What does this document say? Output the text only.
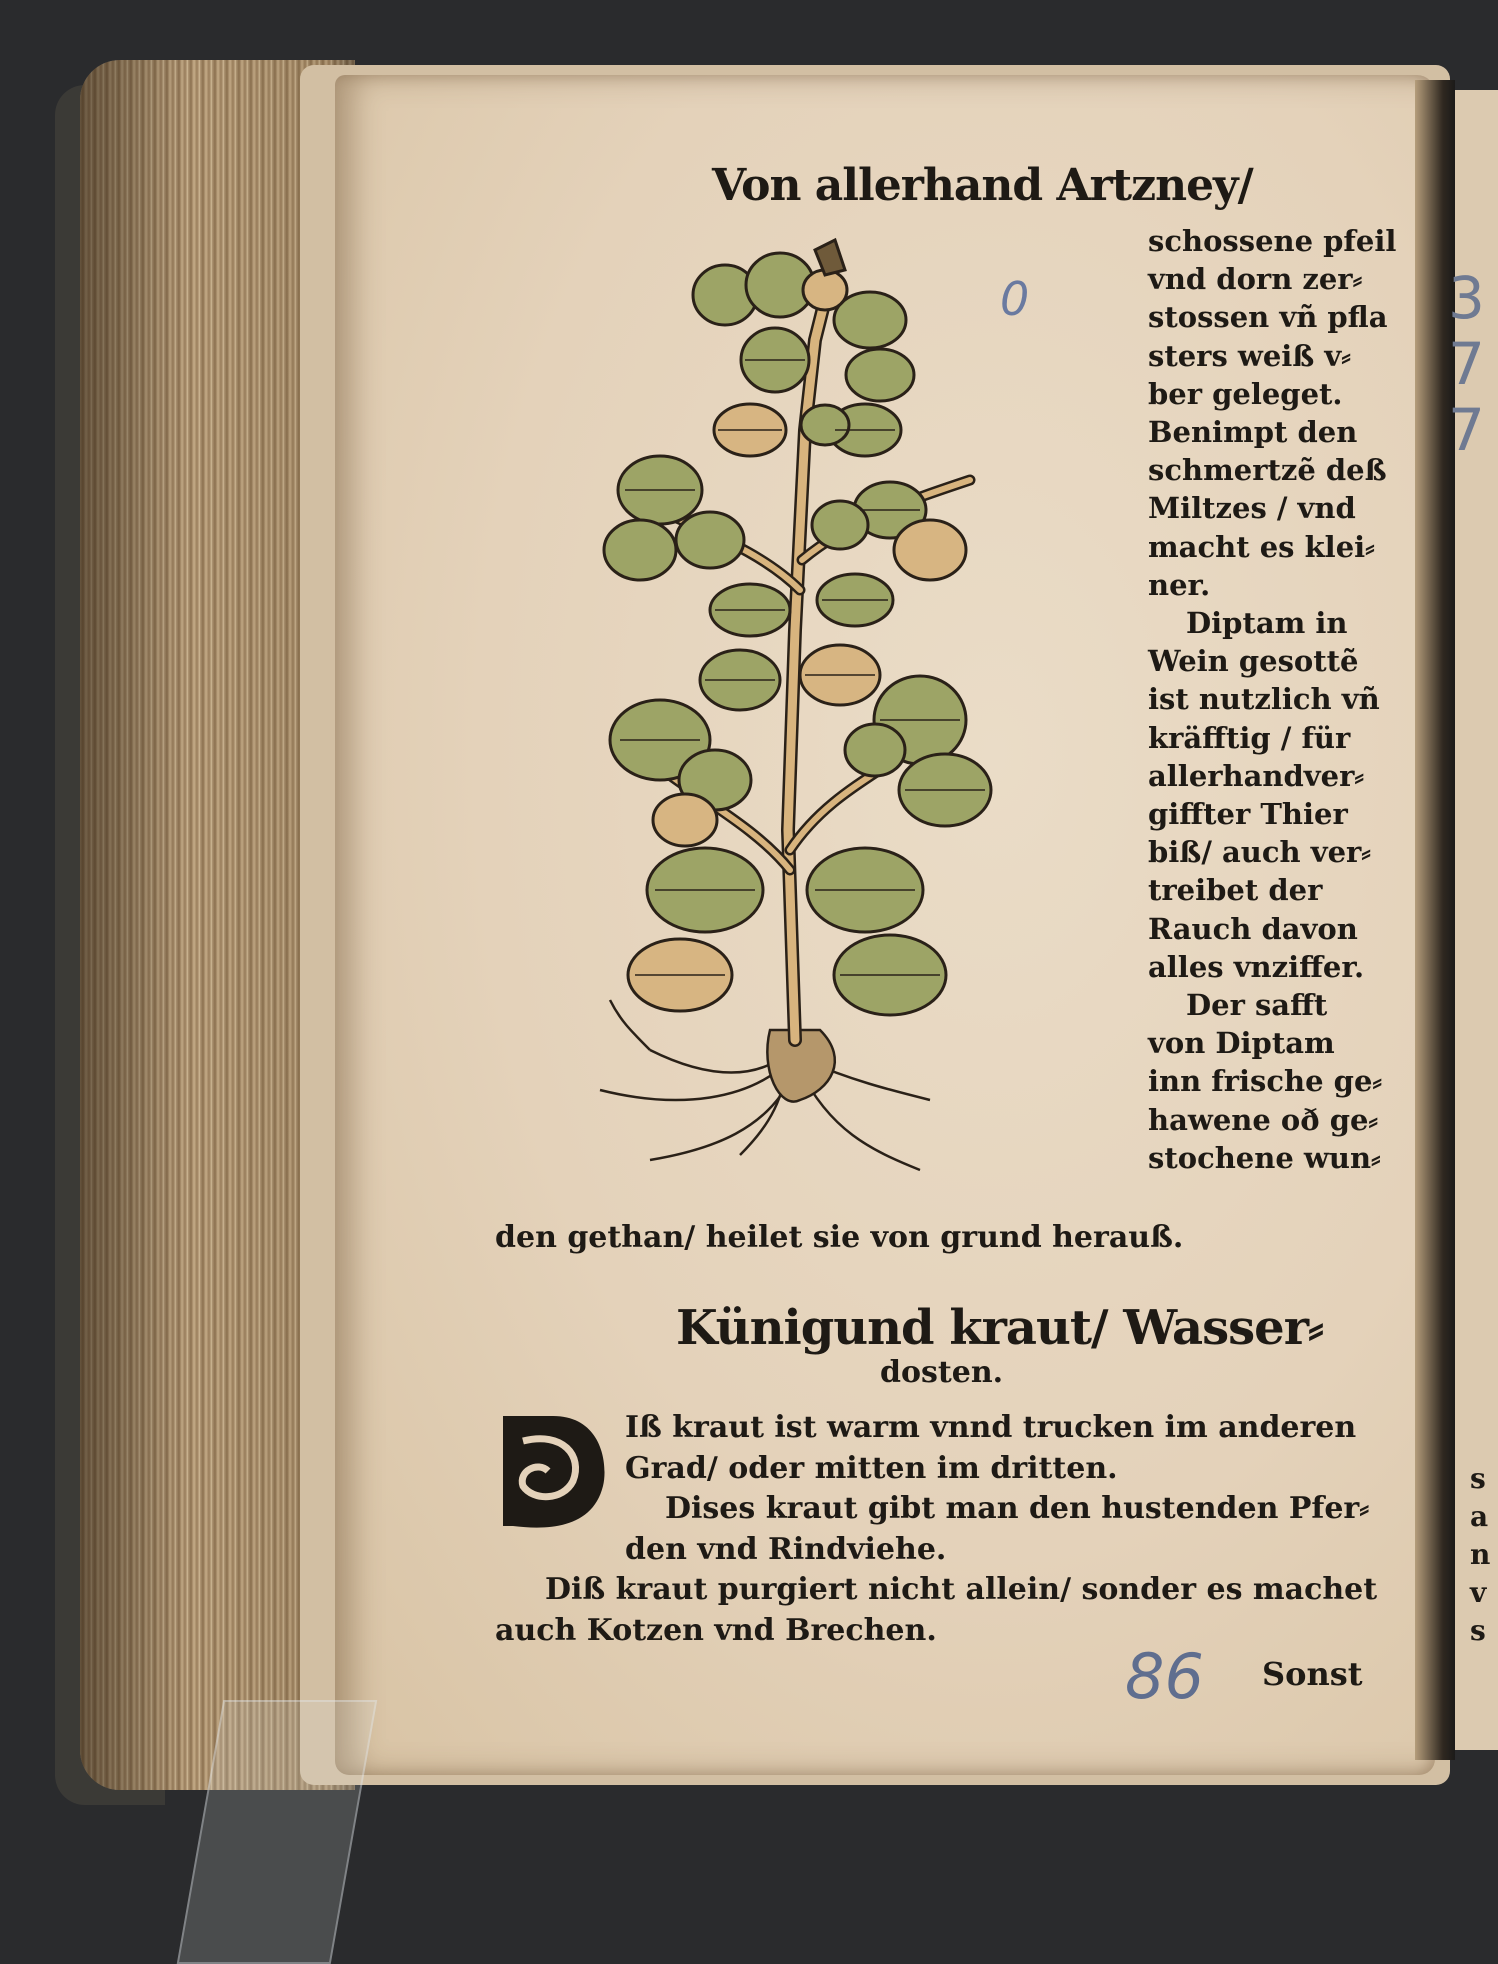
3
7
7
s
a
n
v
s
0
Von allerhand Artzney/
schossene pfeil
vnd dorn zer⸗
stossen vñ pfla
sters weiß v⸗
ber geleget.
Benimpt den
schmertzẽ deß
Miltzes / vnd
macht es klei⸗
ner.
Diptam in
Wein gesottẽ
ist nutzlich vñ
kräfftig / für
allerhandver⸗
giffter Thier
biß/ auch ver⸗
treibet der
Rauch davon
alles vnziffer.
Der safft
von Diptam
inn frische ge⸗
hawene oð ge⸗
stochene wun⸗
den gethan/ heilet sie von grund herauß.
Künigund kraut/ Wasser⸗
dosten.
Iß kraut ist warm vnnd trucken im anderen
Grad/ oder mitten im dritten.
Dises kraut gibt man den hustenden Pfer⸗
den vnd Rindviehe.
Diß kraut purgiert nicht allein/ sonder es machet
auch Kotzen vnd Brechen.
86 Sonst
